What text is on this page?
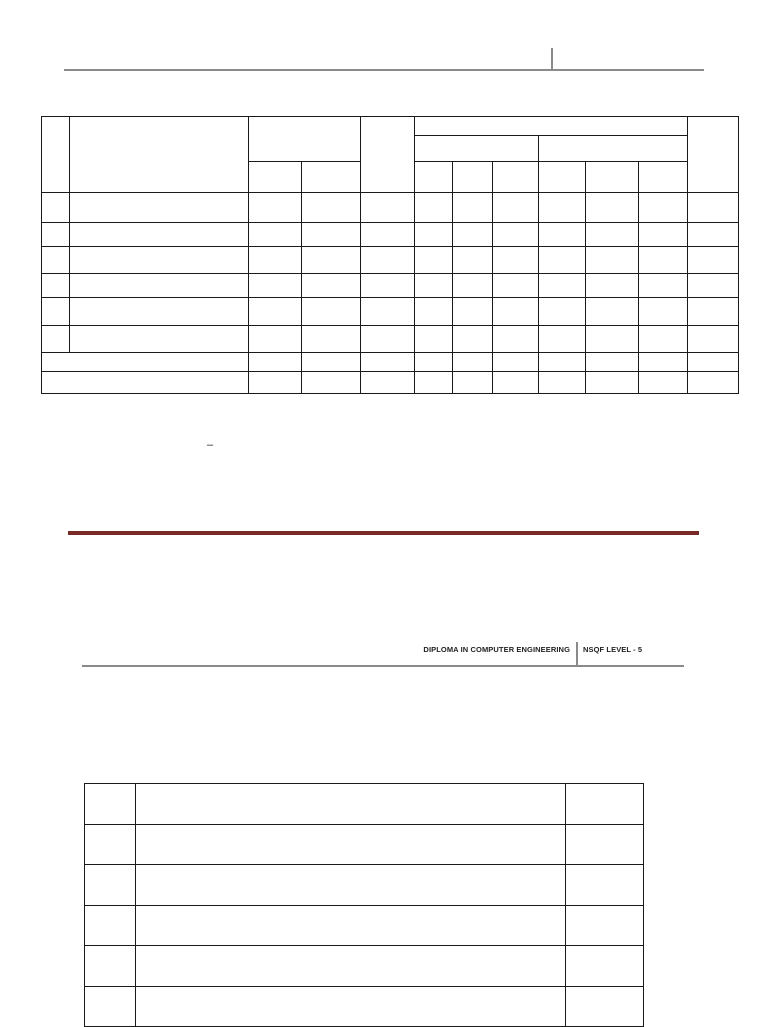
–
DIPLOMA IN COMPUTER ENGINEERING NSQF LEVEL - 5
